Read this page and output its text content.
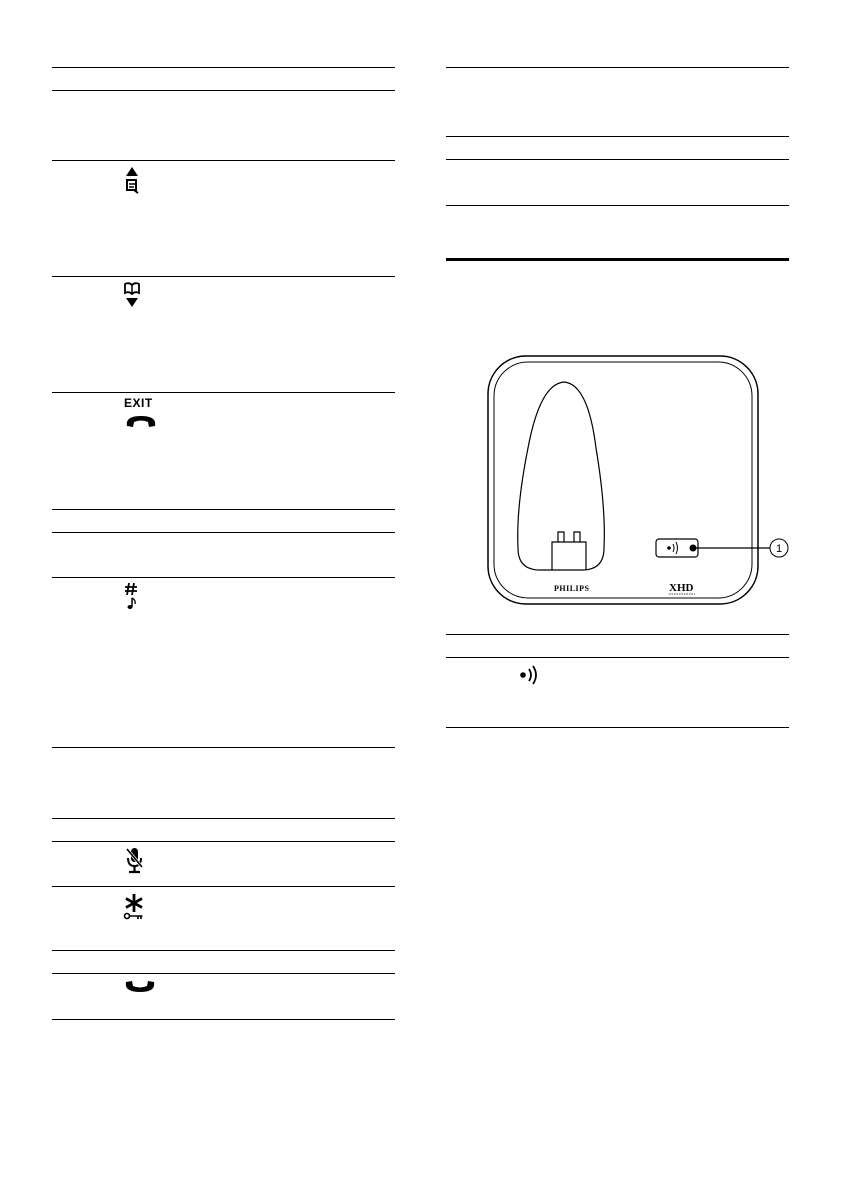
EXIT
1
PHILIPS	XHD
